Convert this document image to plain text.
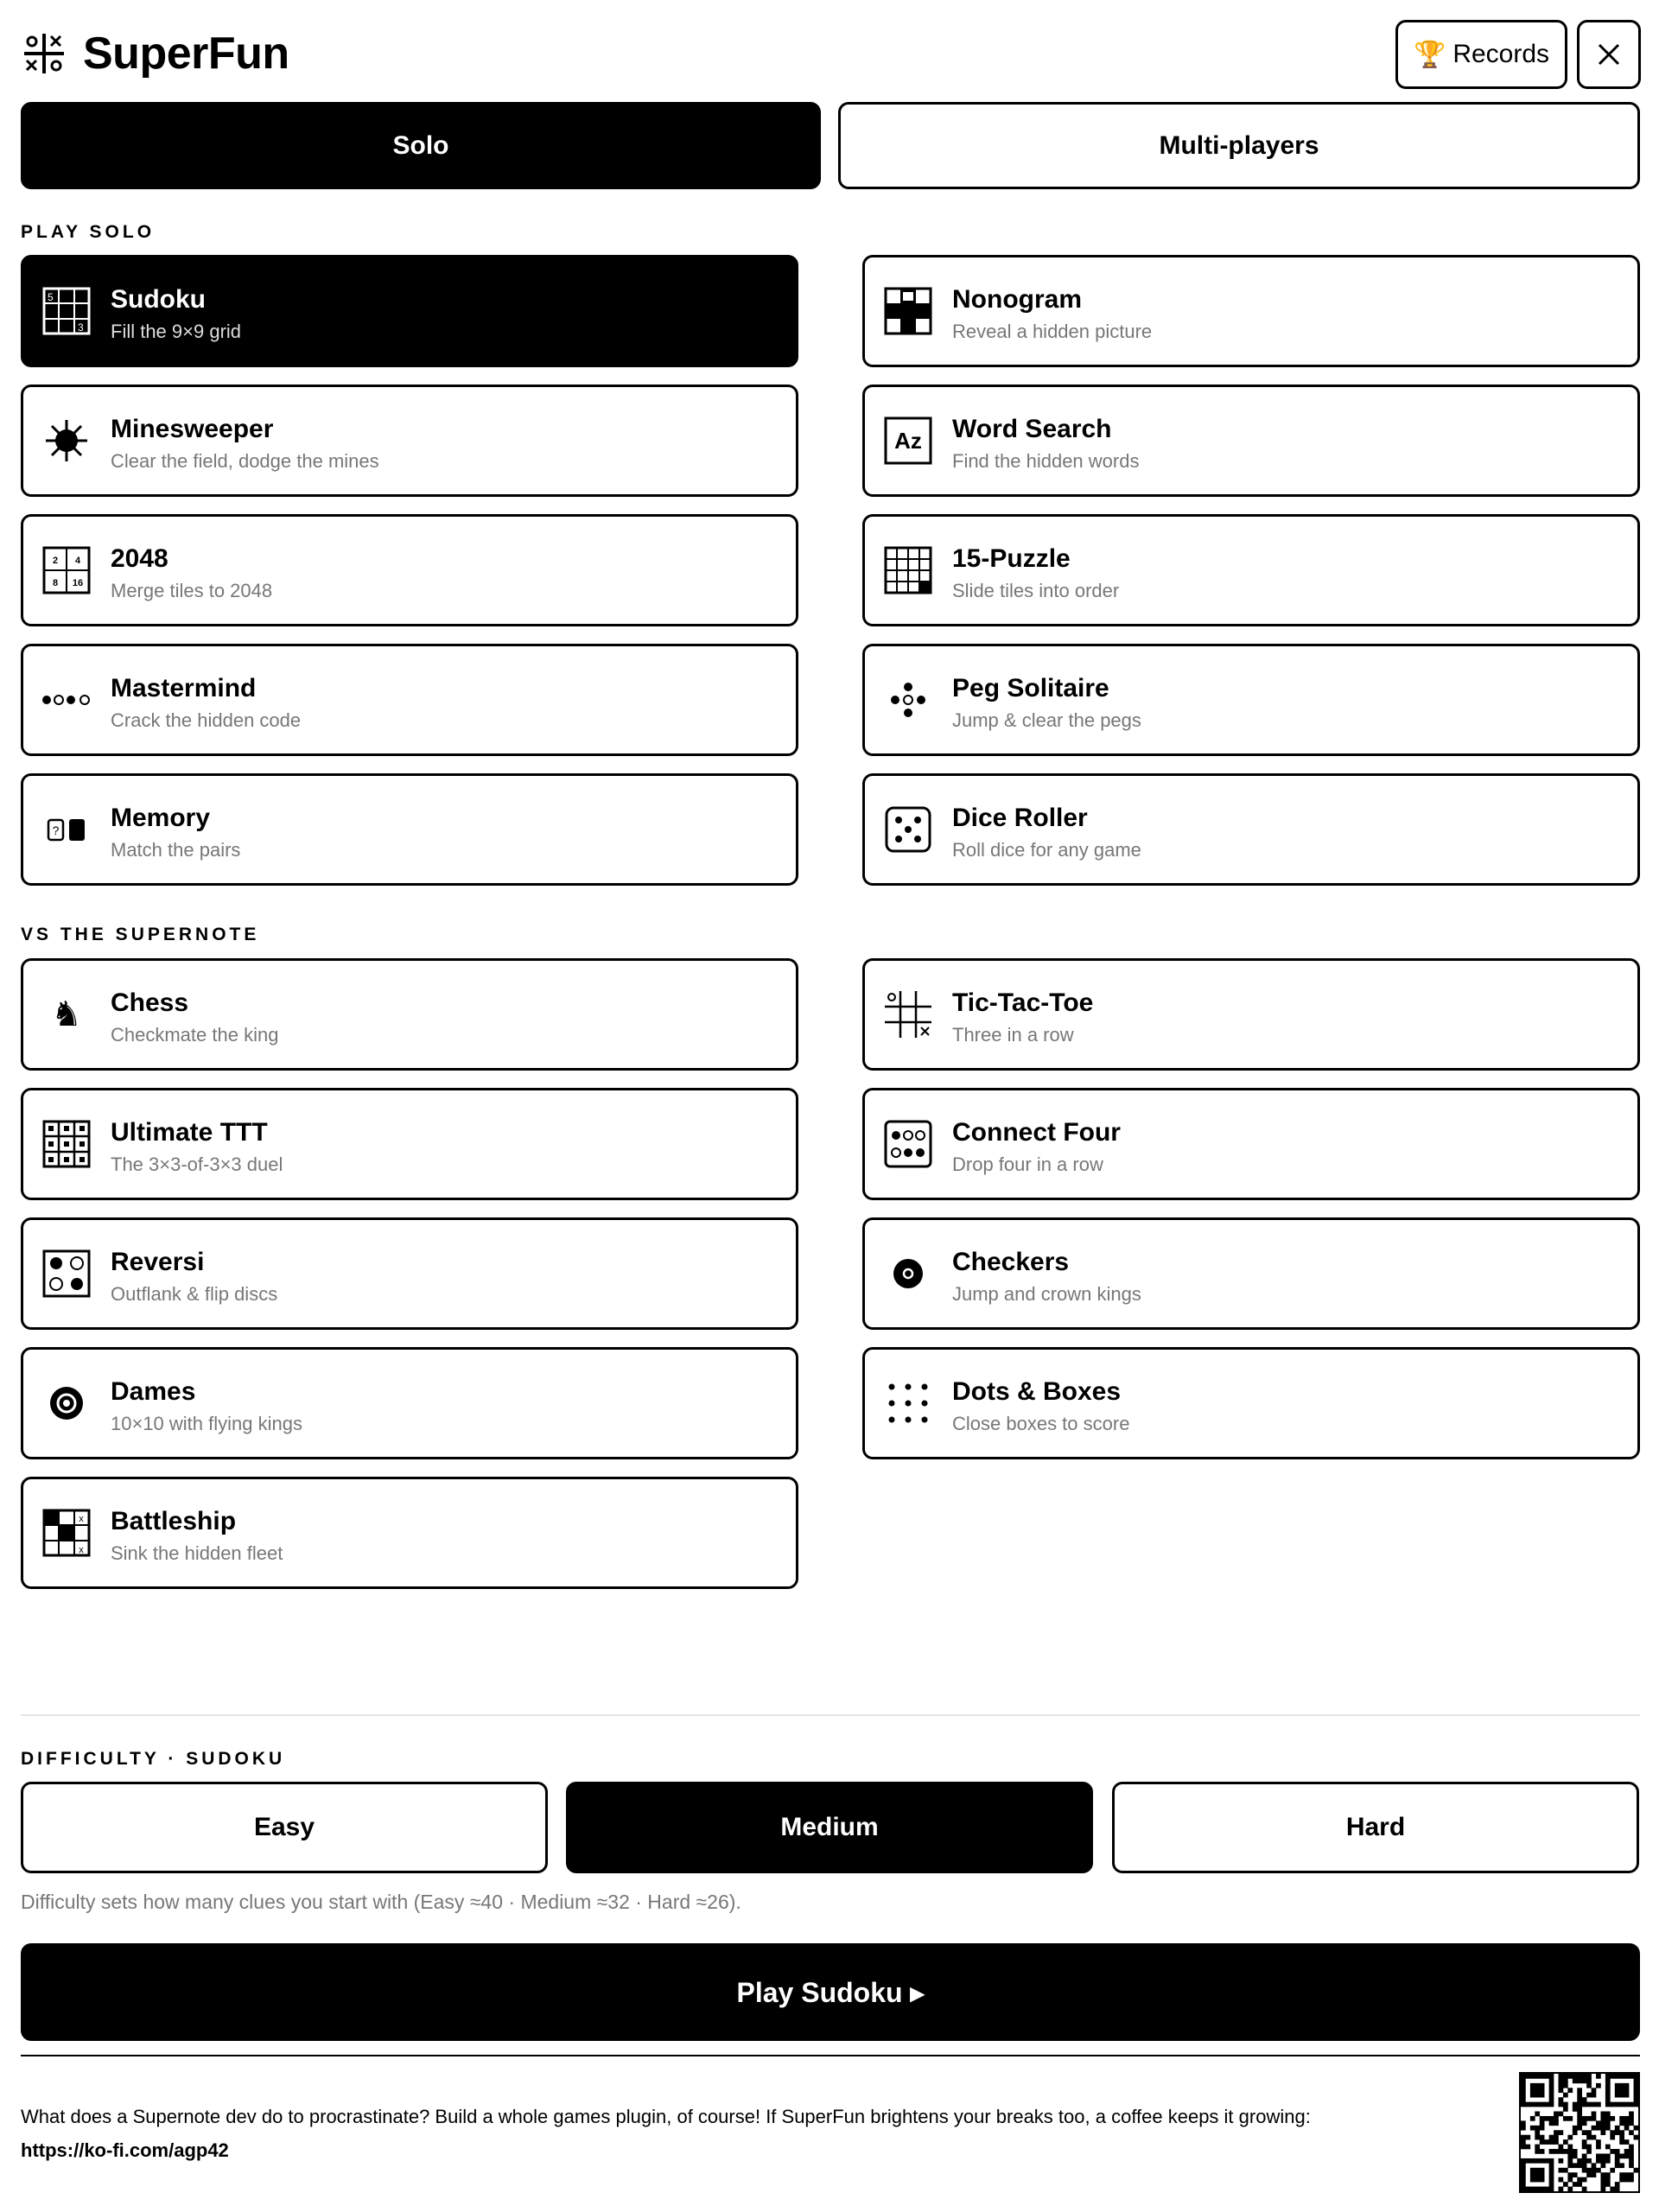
SuperFun	🏆 Records
Solo	Multi-players
PLAY SOLO
5
3
Sudoku
Fill the 9×9 grid
Nonogram
Reveal a hidden picture
Minesweeper
Clear the field, dodge the mines
Az Word Search
Find the hidden words
2 4
8 16
2048
Merge tiles to 2048
15-Puzzle
Slide tiles into order
Mastermind
Crack the hidden code
Peg Solitaire
Jump & clear the pegs
? Memory
Match the pairs
Dice Roller
Roll dice for any game
VS THE SUPERNOTE
♞ Chess
Checkmate the king
Tic-Tac-Toe
Three in a row
Ultimate TTT
The 3×3-of-3×3 duel
Connect Four
Drop four in a row
Reversi
Outflank & flip discs
Checkers
Jump and crown kings
Dames
10×10 with flying kings
Dots & Boxes
Close boxes to score
x
x
Battleship
Sink the hidden fleet
DIFFICULTY · SUDOKU
Easy	Medium	Hard
Difficulty sets how many clues you start with (Easy ≈40 · Medium ≈32 · Hard ≈26).
Play Sudoku ▸
What does a Supernote dev do to procrastinate? Build a whole games plugin, of course! If SuperFun brightens your breaks too, a coffee keeps it growing:
https://ko-fi.com/agp42
